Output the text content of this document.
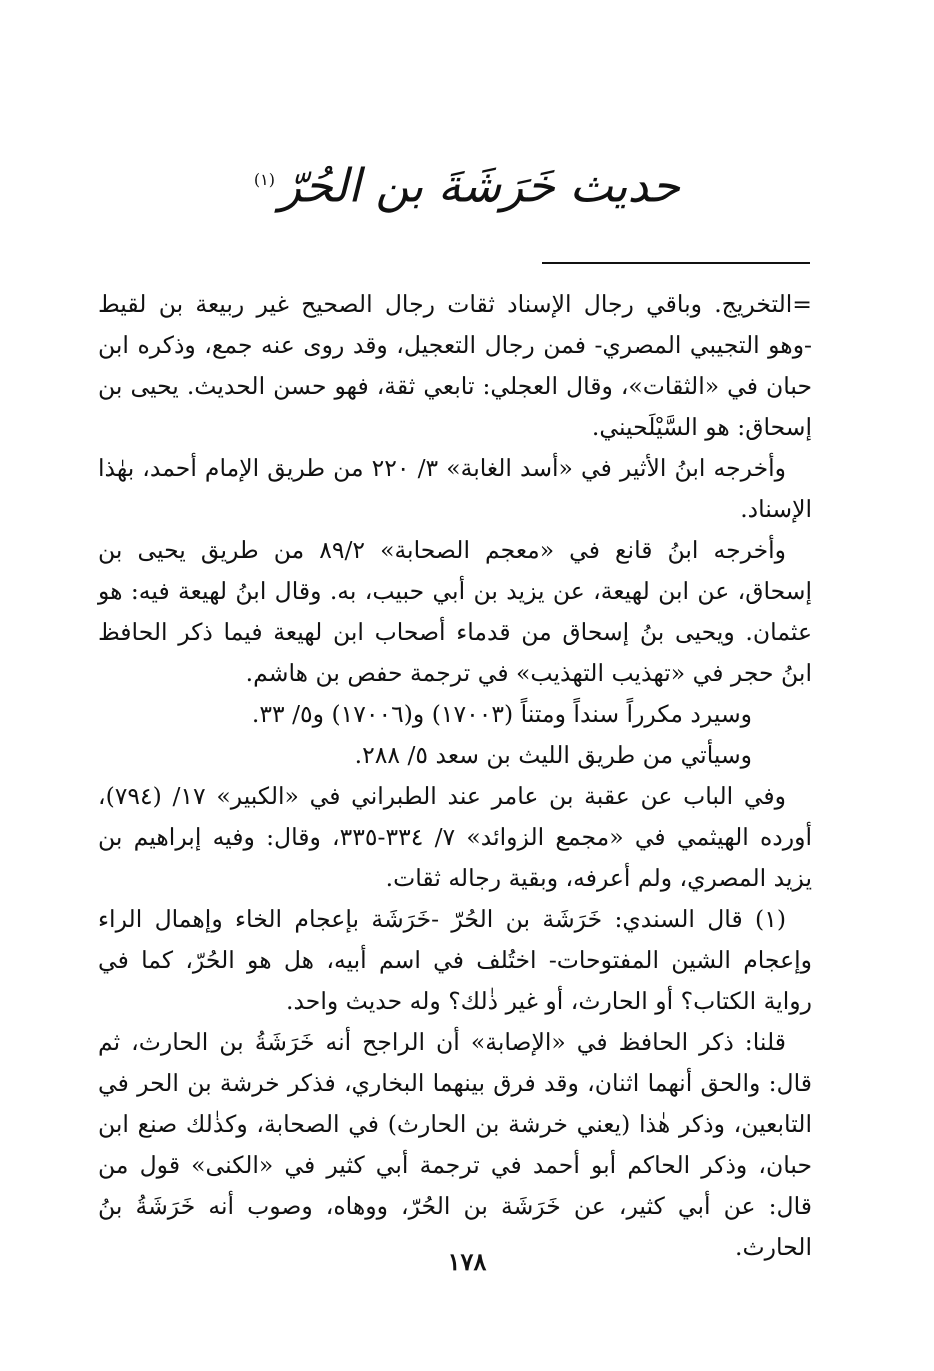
حديث خَرَشَةَ بن الحُرّ$^{(١)}$

=التخريج. وباقي رجال الإسناد ثقات رجال الصحيح غير ربيعة بن لقيط -وهو التجيبي المصري- فمن رجال التعجيل، وقد روى عنه جمع، وذكره ابن حبان في «الثقات»، وقال العجلي: تابعي ثقة، فهو حسن الحديث. يحيى بن إسحاق: هو السَّيْلَحيني.

وأخرجه ابنُ الأثير في «أسد الغابة» ٣/ ٢٢٠ من طريق الإمام أحمد، بهٰذا الإسناد.

وأخرجه ابنُ قانع في «معجم الصحابة» ٨٩/٢ من طريق يحيى بن إسحاق، عن ابن لهيعة، عن يزيد بن أبي حبيب، به. وقال ابنُ لهيعة فيه: هو عثمان. ويحيى بنُ إسحاق من قدماء أصحاب ابن لهيعة فيما ذكر الحافظ ابنُ حجر في «تهذيب التهذيب» في ترجمة حفص بن هاشم.

وسيرد مكرراً سنداً ومتناً (١٧٠٠٣) و(١٧٠٠٦) و٥/ ٣٣.

وسيأتي من طريق الليث بن سعد ٥/ ٢٨٨.

وفي الباب عن عقبة بن عامر عند الطبراني في «الكبير» ١٧/ (٧٩٤)، أورده الهيثمي في «مجمع الزوائد» ٧/ ٣٣٤-٣٣٥، وقال: وفيه إبراهيم بن يزيد المصري، ولم أعرفه، وبقية رجاله ثقات.

(١) قال السندي: خَرَشَة بن الحُرّ -خَرَشَة بإعجام الخاء وإهمال الراء وإعجام الشين المفتوحات- اختُلف في اسم أبيه، هل هو الحُرّ، كما في رواية الكتاب؟ أو الحارث، أو غير ذٰلك؟ وله حديث واحد.

قلنا: ذكر الحافظ في «الإصابة» أن الراجح أنه خَرَشَةُ بن الحارث، ثم قال: والحق أنهما اثنان، وقد فرق بينهما البخاري، فذكر خرشة بن الحر في التابعين، وذكر هٰذا (يعني خرشة بن الحارث) في الصحابة، وكذٰلك صنع ابن حبان، وذكر الحاكم أبو أحمد في ترجمة أبي كثير في «الكنى» قول من قال: عن أبي كثير، عن خَرَشَة بن الحُرّ، ووهاه، وصوب أنه خَرَشَةُ بنُ الحارث.

١٧٨
